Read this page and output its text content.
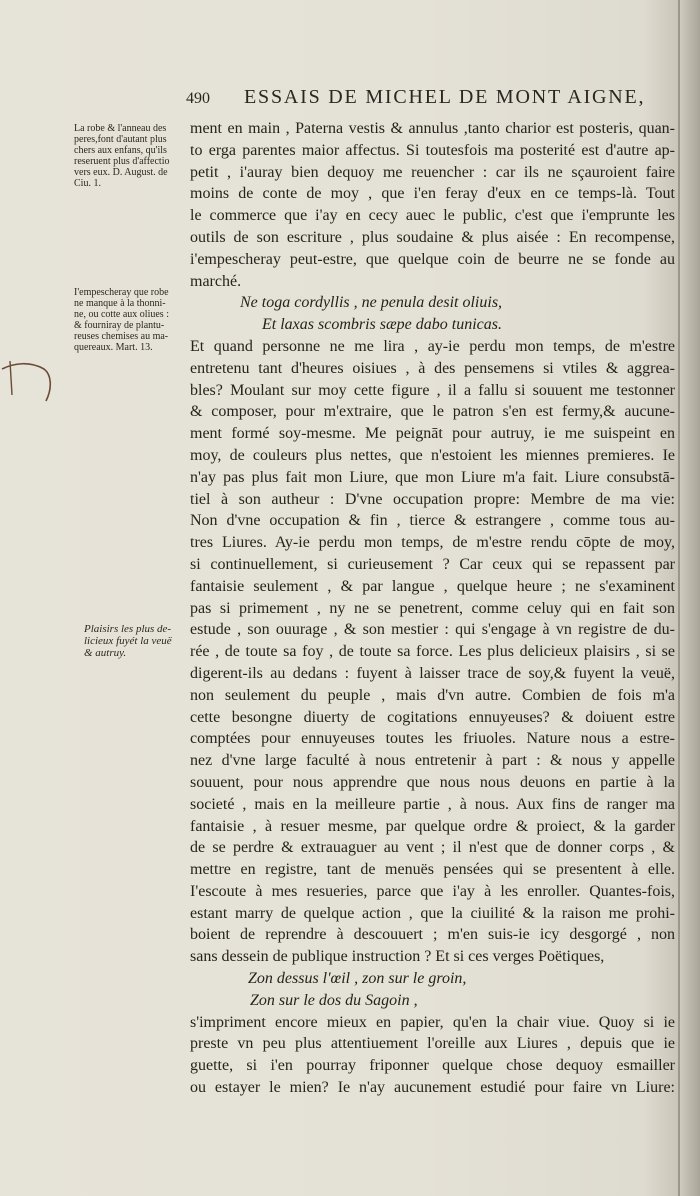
490 ESSAIS DE MICHEL DE MONT AIGNE,
La robe & l'anneau des
peres,font d'autant plus
chers aux enfans, qu'ils
reseruent plus d'affectio
vers eux. D. August. de
Ciu. 1.
I'empescheray que robe
ne manque à la thonni-
ne, ou cotte aux oliues :
& fourniray de plantu-
reuses chemises au ma-
quereaux. Mart. 13.
Plaisirs les plus de-
licieux fuyét la veuë
& autruy.
ment en main , Paterna vestis & annulus ,tanto charior est posteris, quan-
to erga parentes maior affectus. Si toutesfois ma posterité est d'autre ap-
petit , i'auray bien dequoy me reuencher : car ils ne sçauroient faire
moins de conte de moy , que i'en feray d'eux en ce temps-là. Tout
le commerce que i'ay en cecy auec le public, c'est que i'emprunte les
outils de son escriture , plus soudaine & plus aisée : En recompense,
i'empescheray peut-estre, que quelque coin de beurre ne se fonde au
marché.
Ne toga cordyllis , ne penula desit oliuis,
Et laxas scombris sæpe dabo tunicas.
Et quand personne ne me lira , ay-ie perdu mon temps, de m'estre
entretenu tant d'heures oisiues , à des pensemens si vtiles & aggrea-
bles? Moulant sur moy cette figure , il a fallu si souuent me testonner
& composer, pour m'extraire, que le patron s'en est fermy,& aucune-
ment formé soy-mesme. Me peignāt pour autruy, ie me suispeint en
moy, de couleurs plus nettes, que n'estoient les miennes premieres. Ie
n'ay pas plus fait mon Liure, que mon Liure m'a fait. Liure consubstā-
tiel à son autheur : D'vne occupation propre: Membre de ma vie:
Non d'vne occupation & fin , tierce & estrangere , comme tous au-
tres Liures. Ay-ie perdu mon temps, de m'estre rendu cōpte de moy,
si continuellement, si curieusement ? Car ceux qui se repassent par
fantaisie seulement , & par langue , quelque heure ; ne s'examinent
pas si primement , ny ne se penetrent, comme celuy qui en fait son
estude , son ouurage , & son mestier : qui s'engage à vn registre de du-
rée , de toute sa foy , de toute sa force. Les plus delicieux plaisirs , si se
digerent-ils au dedans : fuyent à laisser trace de soy,& fuyent la veuë,
non seulement du peuple , mais d'vn autre. Combien de fois m'a
cette besongne diuerty de cogitations ennuyeuses? & doiuent estre
comptées pour ennuyeuses toutes les friuoles. Nature nous a estre-
nez d'vne large faculté à nous entretenir à part : & nous y appelle
souuent, pour nous apprendre que nous nous deuons en partie à la
societé , mais en la meilleure partie , à nous. Aux fins de ranger ma
fantaisie , à resuer mesme, par quelque ordre & proiect, & la garder
de se perdre & extrauaguer au vent ; il n'est que de donner corps , &
mettre en registre, tant de menuës pensées qui se presentent à elle.
I'escoute à mes resueries, parce que i'ay à les enroller. Quantes-fois,
estant marry de quelque action , que la ciuilité & la raison me prohi-
boient de reprendre à descouuert ; m'en suis-ie icy desgorgé , non
sans dessein de publique instruction ? Et si ces verges Poëtiques,
Zon dessus l'œil , zon sur le groin,
Zon sur le dos du Sagoin ,
s'impriment encore mieux en papier, qu'en la chair viue. Quoy si ie
preste vn peu plus attentiuement l'oreille aux Liures , depuis que ie
guette, si i'en pourray friponner quelque chose dequoy esmailler
ou estayer le mien? Ie n'ay aucunement estudié pour faire vn Liure:
